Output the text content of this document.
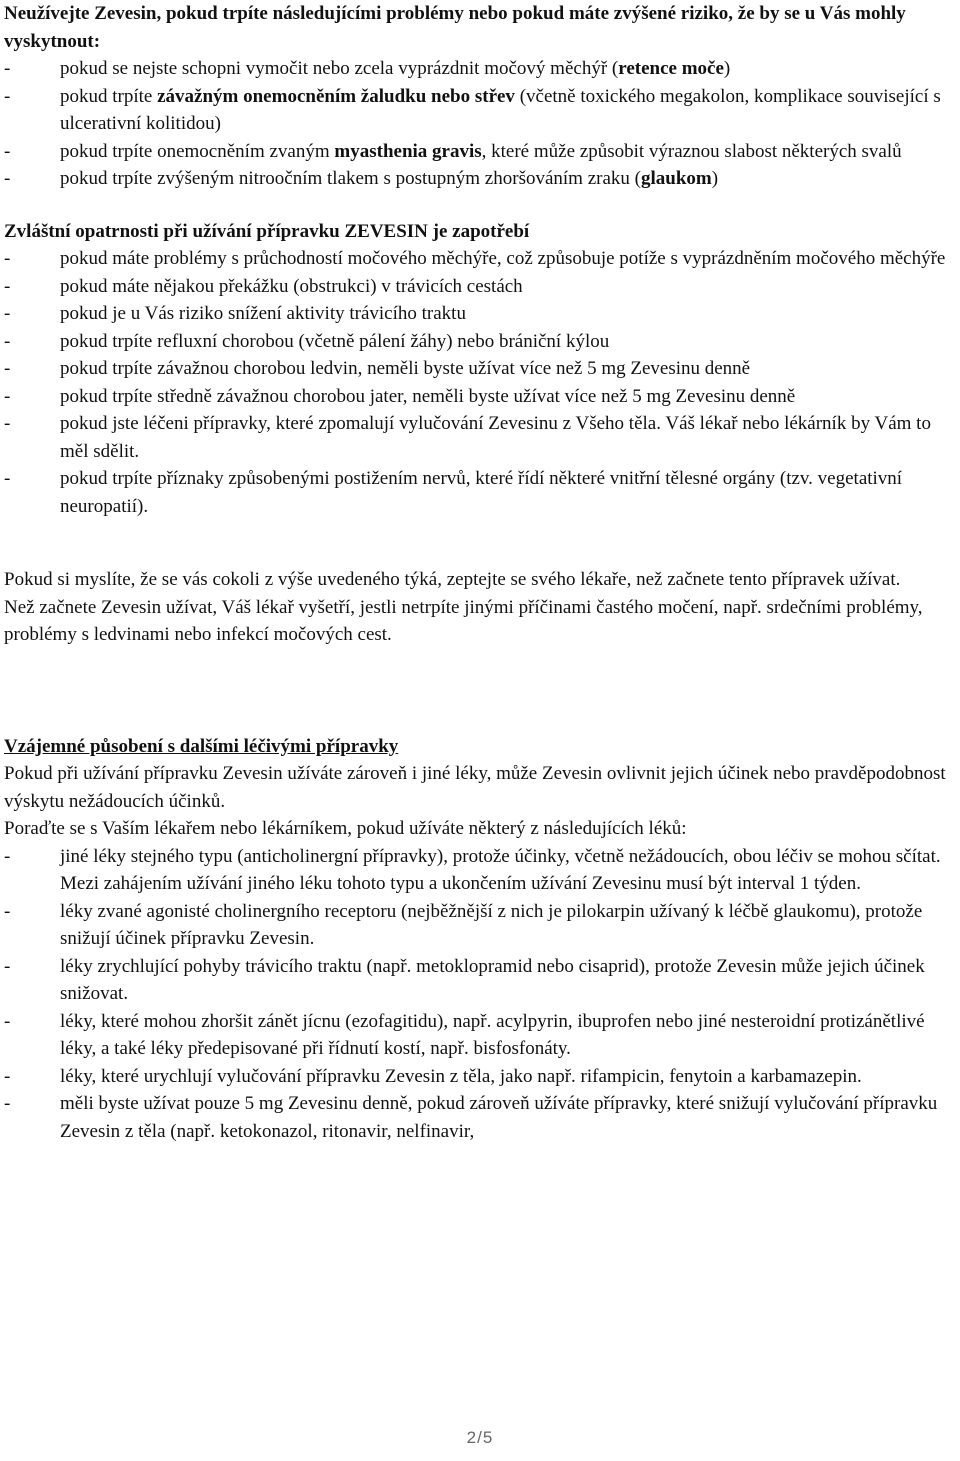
Neužívejte Zevesin, pokud trpíte následujícími problémy nebo pokud máte zvýšené riziko, že by se u Vás mohly vyskytnout:

-	pokud se nejste schopni vymočit nebo zcela vyprázdnit močový měchýř (retence moče)
-	pokud trpíte závažným onemocněním žaludku nebo střev (včetně toxického megakolon, komplikace související s ulcerativní kolitidou)
-	pokud trpíte onemocněním zvaným myasthenia gravis, které může způsobit výraznou slabost některých svalů
-	pokud trpíte zvýšeným nitroočním tlakem s postupným zhoršováním zraku (glaukom)

Zvláštní opatrnosti při užívání přípravku ZEVESIN je zapotřebí

-	pokud máte problémy s průchodností močového měchýře, což způsobuje potíže s vyprázdněním močového měchýře
-	pokud máte nějakou překážku (obstrukci) v trávicích cestách
-	pokud je u Vás riziko snížení aktivity trávicího traktu
-	pokud trpíte refluxní chorobou (včetně pálení žáhy) nebo brániční kýlou
-	pokud trpíte závažnou chorobou ledvin, neměli byste užívat více než 5 mg Zevesinu denně
-	pokud trpíte středně závažnou chorobou jater, neměli byste užívat více než 5 mg Zevesinu denně
-	pokud jste léčeni přípravky, které zpomalují vylučování Zevesinu z Všeho těla. Váš lékař nebo lékárník by Vám to měl sdělit.
-	pokud trpíte příznaky způsobenými postižením nervů, které řídí některé vnitřní tělesné orgány (tzv. vegetativní neuropatií).

Pokud si myslíte, že se vás cokoli z výše uvedeného týká, zeptejte se svého lékaře, než začnete tento přípravek užívat.

Než začnete Zevesin užívat, Váš lékař vyšetří, jestli netrpíte jinými příčinami častého močení, např. srdečními problémy, problémy s ledvinami nebo infekcí močových cest.

Vzájemné působení s dalšími léčivými přípravky

Pokud při užívání přípravku Zevesin užíváte zároveň i jiné léky, může Zevesin ovlivnit jejich účinek nebo pravděpodobnost výskytu nežádoucích účinků.

Poraďte se s Vaším lékařem nebo lékárníkem, pokud užíváte některý z následujících léků:

-	jiné léky stejného typu (anticholinergní přípravky), protože účinky, včetně nežádoucích, obou léčiv se mohou sčítat. Mezi zahájením užívání jiného léku tohoto typu a ukončením užívání Zevesinu musí být interval 1 týden.
-	léky zvané agonisté cholinergního receptoru (nejběžnější z nich je pilokarpin užívaný k léčbě glaukomu), protože snižují účinek přípravku Zevesin.
-	léky zrychlující pohyby trávicího traktu (např. metoklopramid nebo cisaprid), protože Zevesin může jejich účinek snižovat.
-	léky, které mohou zhoršit zánět jícnu (ezofagitidu), např. acylpyrin, ibuprofen nebo jiné nesteroidní protizánětlivé léky, a také léky předepisované při řídnutí kostí, např. bisfosfonáty.
-	léky, které urychlují vylučování přípravku Zevesin z těla, jako např. rifampicin, fenytoin a karbamazepin.
-	měli byste užívat pouze 5 mg Zevesinu denně, pokud zároveň užíváte přípravky, které snižují vylučování přípravku Zevesin z těla (např. ketokonazol, ritonavir, nelfinavir,
2/5
